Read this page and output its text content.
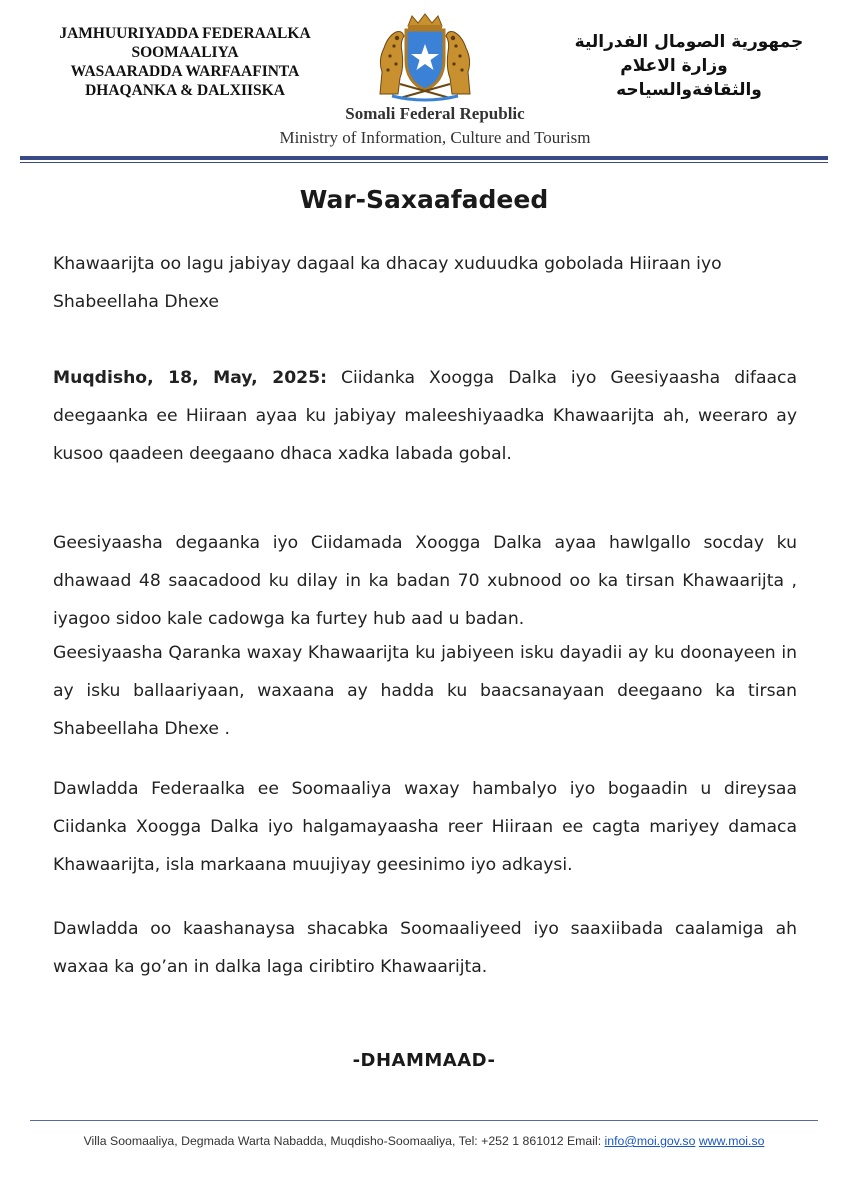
JAMHUURIYADDA FEDERAALKA
SOOMAALIYA
WASAARADDA WARFAAFINTA
DHAQANKA & DALXIISKA
جمهورية الصومال الفدرالية
وزارة الاعلام
والثقافةوالسياحه
Somali Federal Republic
Ministry of Information, Culture and Tourism
War-Saxaafadeed
Khawaarijta oo lagu jabiyay dagaal ka dhacay xuduudka gobolada Hiiraan iyo Shabeellaha Dhexe
Muqdisho, 18, May, 2025: Ciidanka Xoogga Dalka iyo Geesiyaasha difaaca deegaanka ee Hiiraan ayaa ku jabiyay maleeshiyaadka Khawaarijta ah, weeraro ay kusoo qaadeen deegaano dhaca xadka labada gobal.
Geesiyaasha degaanka iyo Ciidamada Xoogga Dalka ayaa hawlgallo socday ku dhawaad 48 saacadood ku dilay in ka badan 70 xubnood oo ka tirsan Khawaarijta , iyagoo sidoo kale cadowga ka furtey hub aad u badan.
Geesiyaasha Qaranka waxay Khawaarijta ku jabiyeen isku dayadii ay ku doonayeen in ay isku ballaariyaan, waxaana ay hadda ku baacsanayaan deegaano ka tirsan Shabeellaha Dhexe .
Dawladda Federaalka ee Soomaaliya waxay hambalyo iyo bogaadin u direysaa Ciidanka Xoogga Dalka iyo halgamayaasha reer Hiiraan ee cagta mariyey damaca Khawaarijta, isla markaana muujiyay geesinimo iyo adkaysi.
Dawladda oo kaashanaysa shacabka Soomaaliyeed iyo saaxiibada caalamiga ah waxaa ka go’an in dalka laga ciribtiro Khawaarijta.
-DHAMMAAD-
Villa Soomaaliya, Degmada Warta Nabadda, Muqdisho-Soomaaliya, Tel: +252 1 861012 Email: info@moi.gov.so www.moi.so
